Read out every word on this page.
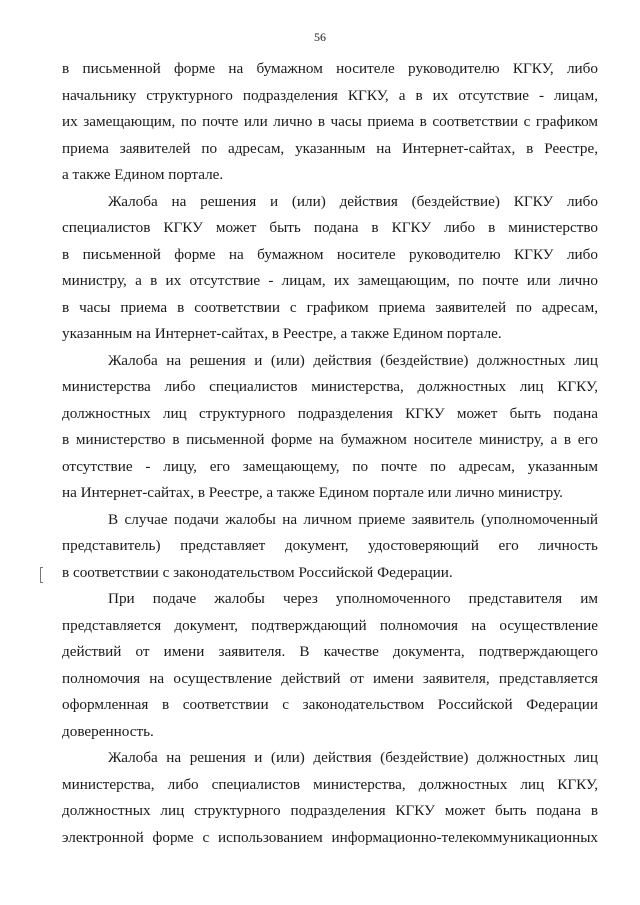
56
в письменной форме на бумажном носителе руководителю КГКУ, либо
начальнику структурного подразделения КГКУ, а в их отсутствие - лицам,
их замещающим, по почте или лично в часы приема в соответствии с графиком
приема заявителей по адресам, указанным на Интернет-сайтах, в Реестре,
а также Едином портале.
Жалоба на решения и (или) действия (бездействие) КГКУ либо
специалистов КГКУ может быть подана в КГКУ либо в министерство
в письменной форме на бумажном носителе руководителю КГКУ либо
министру, а в их отсутствие - лицам, их замещающим, по почте или лично
в часы приема в соответствии с графиком приема заявителей по адресам,
указанным на Интернет-сайтах, в Реестре, а также Едином портале.
Жалоба на решения и (или) действия (бездействие) должностных лиц
министерства либо специалистов министерства, должностных лиц КГКУ,
должностных лиц структурного подразделения КГКУ может быть подана
в министерство в письменной форме на бумажном носителе министру, а в его
отсутствие - лицу, его замещающему, по почте по адресам, указанным
на Интернет-сайтах, в Реестре, а также Едином портале или лично министру.
В случае подачи жалобы на личном приеме заявитель (уполномоченный
представитель) представляет документ, удостоверяющий его личность
в соответствии с законодательством Российской Федерации.
При подаче жалобы через уполномоченного представителя им
представляется документ, подтверждающий полномочия на осуществление
действий от имени заявителя. В качестве документа, подтверждающего
полномочия на осуществление действий от имени заявителя, представляется
оформленная в соответствии с законодательством Российской Федерации
доверенность.
Жалоба на решения и (или) действия (бездействие) должностных лиц
министерства, либо специалистов министерства, должностных лиц КГКУ,
должностных лиц структурного подразделения КГКУ может быть подана в
электронной форме с использованием информационно-телекоммуникационных
